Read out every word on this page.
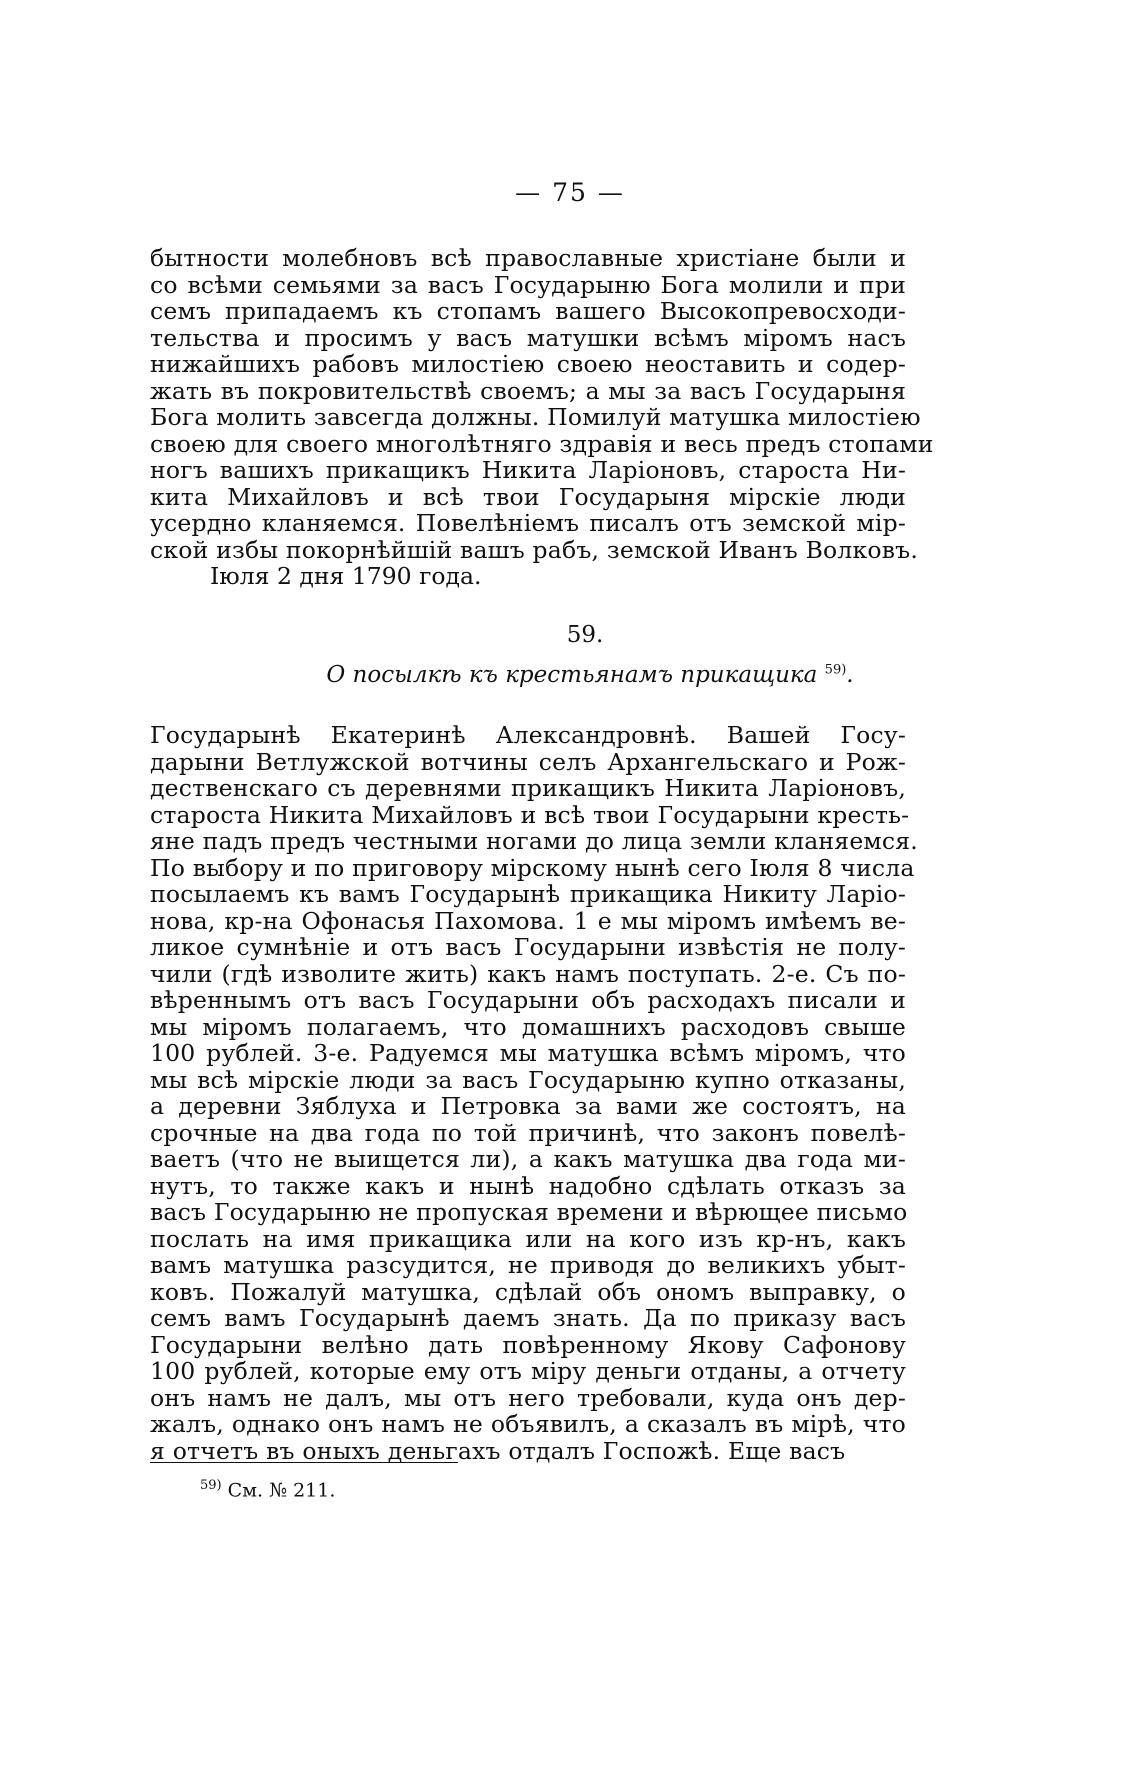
— 75 —
бытности молебновъ всѣ православные христіане были и
со всѣми семьями за васъ Государыню Бога молили и при
семъ припадаемъ къ стопамъ вашего Высокопревосходи-
тельства и просимъ у васъ матушки всѣмъ міромъ насъ
нижайшихъ рабовъ милостіею своею неоставить и содер-
жать въ покровительствѣ своемъ; а мы за васъ Государыня
Бога молить завсегда должны. Помилуй матушка милостіею
своею для своего многолѣтняго здравія и весь предъ стопами
ногъ вашихъ прикащикъ Никита Ларіоновъ, староста Ни-
кита Михайловъ и всѣ твои Государыня мірскіе люди
усердно кланяемся. Повелѣніемъ писалъ отъ земской мір-
ской избы покорнѣйшій вашъ рабъ, земской Иванъ Волковъ.
Іюля 2 дня 1790 года.
59.
О посылкѣ къ крестьянамъ прикащика $^{59)}$.
Государынѣ Екатеринѣ Александровнѣ. Вашей Госу-
дарыни Ветлужской вотчины селъ Архангельскаго и Рож-
дественскаго съ деревнями прикащикъ Никита Ларіоновъ,
староста Никита Михайловъ и всѣ твои Государыни кресть-
яне падъ предъ честными ногами до лица земли кланяемся.
По выбору и по приговору мірскому нынѣ сего Іюля 8 числа
посылаемъ къ вамъ Государынѣ прикащика Никиту Ларіо-
нова, кр-на Офонасья Пахомова. 1 е мы міромъ имѣемъ ве-
ликое сумнѣніе и отъ васъ Государыни извѣстія не полу-
чили (гдѣ изволите жить) какъ намъ поступать. 2-е. Съ по-
вѣреннымъ отъ васъ Государыни объ расходахъ писали и
мы міромъ полагаемъ, что домашнихъ расходовъ свыше
100 рублей. 3-е. Радуемся мы матушка всѣмъ міромъ, что
мы всѣ мірскіе люди за васъ Государыню купно отказаны,
а деревни Зяблуха и Петровка за вами же состоятъ, на
срочные на два года по той причинѣ, что законъ повелѣ-
ваетъ (что не выищется ли), а какъ матушка два года ми-
нутъ, то также какъ и нынѣ надобно сдѣлать отказъ за
васъ Государыню не пропуская времени и вѣрющее письмо
послать на имя прикащика или на кого изъ кр-нъ, какъ
вамъ матушка разсудится, не приводя до великихъ убыт-
ковъ. Пожалуй матушка, сдѣлай объ ономъ выправку, о
семъ вамъ Государынѣ даемъ знать. Да по приказу васъ
Государыни велѣно дать повѣренному Якову Сафонову
100 рублей, которые ему отъ міру деньги отданы, а отчету
онъ намъ не далъ, мы отъ него требовали, куда онъ дер-
жалъ, однако онъ намъ не объявилъ, а сказалъ въ мірѣ, что
я отчетъ въ оныхъ деньгахъ отдалъ Госпожѣ. Еще васъ
$^{59)}$ См. № 211.
